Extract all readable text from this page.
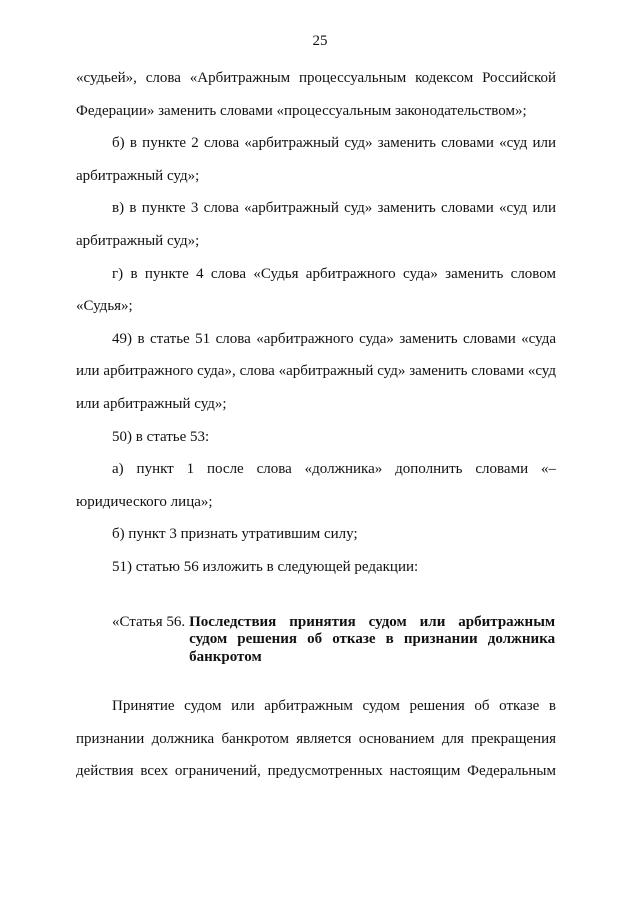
25

«судьей», слова «Арбитражным процессуальным кодексом Российской Федерации» заменить словами «процессуальным законодательством»;

б) в пункте 2 слова «арбитражный суд» заменить словами «суд или арбитражный суд»;

в) в пункте 3 слова «арбитражный суд» заменить словами «суд или арбитражный суд»;

г) в пункте 4 слова «Судья арбитражного суда» заменить словом «Судья»;

49) в статье 51 слова «арбитражного суда» заменить словами «суда или арбитражного суда», слова «арбитражный суд» заменить словами «суд или арбитражный суд»;

50) в статье 53:

а) пункт 1 после слова «должника» дополнить словами «– юридического лица»;

б) пункт 3 признать утратившим силу;

51) статью 56 изложить в следующей редакции:

«Статья 56. Последствия принятия судом или арбитражным судом решения об отказе в признании должника банкротом

Принятие судом или арбитражным судом решения об отказе в признании должника банкротом является основанием для прекращения действия всех ограничений, предусмотренных настоящим Федеральным
